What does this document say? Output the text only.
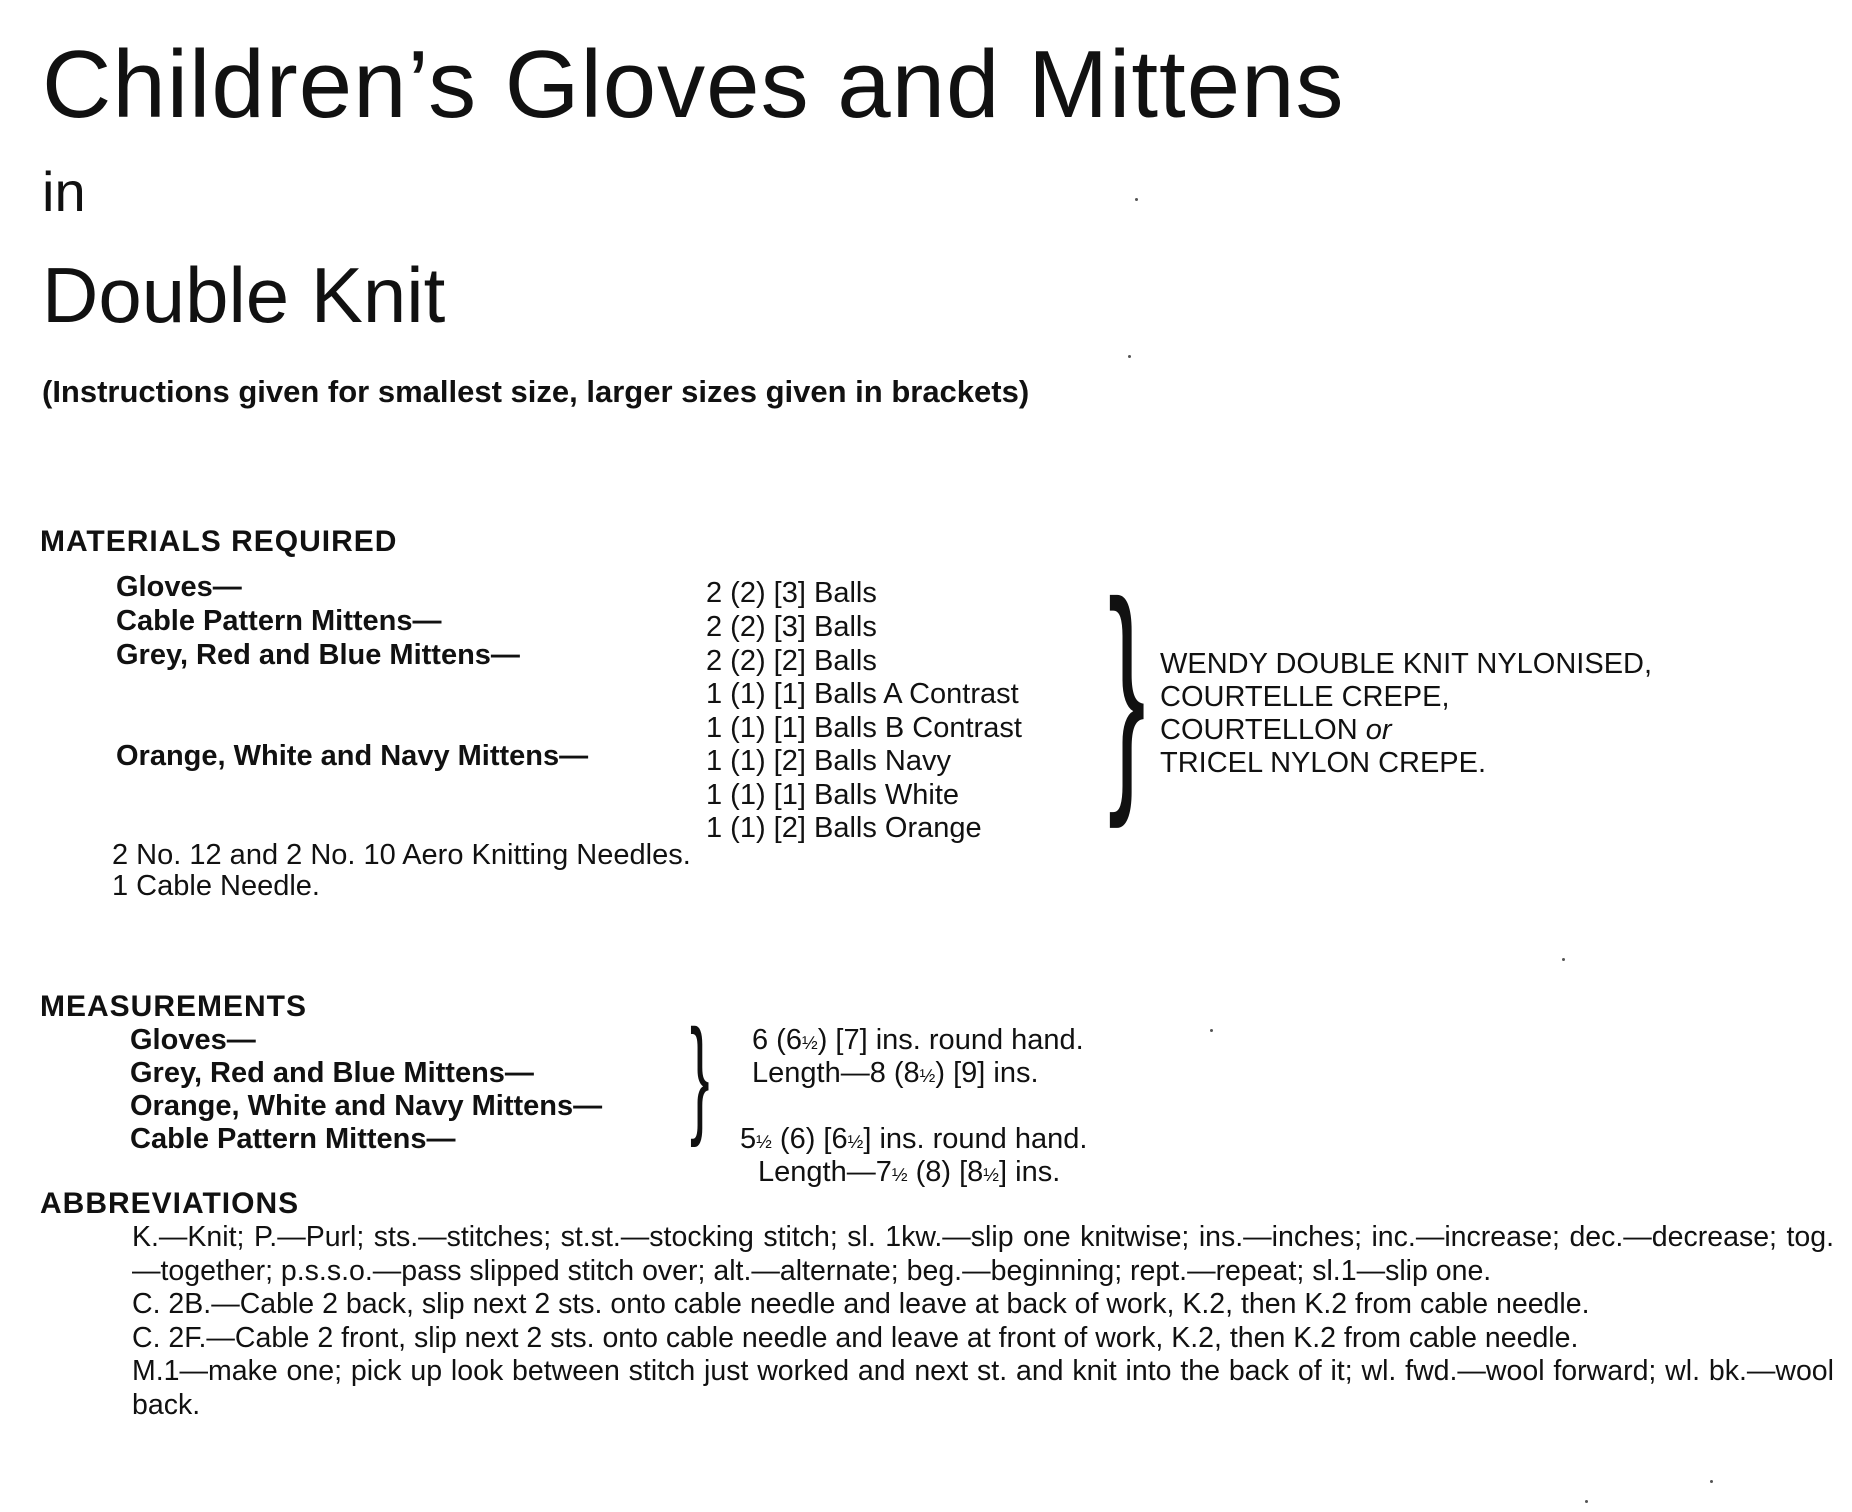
Children’s Gloves and Mittens
in
Double Knit
(Instructions given for smallest size, larger sizes given in brackets)
MATERIALS REQUIRED
Gloves—
Cable Pattern Mittens—
Grey, Red and Blue Mittens—
Orange, White and Navy Mittens—
2 (2) [3] Balls
2 (2) [3] Balls
2 (2) [2] Balls
1 (1) [1] Balls A Contrast
1 (1) [1] Balls B Contrast
1 (1) [2] Balls Navy
1 (1) [1] Balls White
1 (1) [2] Balls Orange } WENDY DOUBLE KNIT NYLONISED,
COURTELLE CREPE,
COURTELLON or
TRICEL NYLON CREPE.
2 No. 12 and 2 No. 10 Aero Knitting Needles.
1 Cable Needle.
MEASUREMENTS
Gloves—
Grey, Red and Blue Mittens—
Orange, White and Navy Mittens—
Cable Pattern Mittens— } 6 (6½) [7] ins. round hand.
Length—8 (8½) [9] ins.
5½ (6) [6½] ins. round hand.
Length—7½ (8) [8½] ins.
ABBREVIATIONS

K.—Knit; P.—Purl; sts.—stitches; st.st.—stocking stitch; sl. 1kw.—slip one knitwise; ins.—inches; inc.—increase; dec.—decrease; tog.—together; p.s.s.o.—pass slipped stitch over; alt.—alternate; beg.—beginning; rept.—repeat; sl.1—slip one.

C. 2B.—Cable 2 back, slip next 2 sts. onto cable needle and leave at back of work, K.2, then K.2 from cable needle.

C. 2F.—Cable 2 front, slip next 2 sts. onto cable needle and leave at front of work, K.2, then K.2 from cable needle.

M.1—make one; pick up look between stitch just worked and next st. and knit into the back of it; wl. fwd.—wool forward; wl. bk.—wool back.
